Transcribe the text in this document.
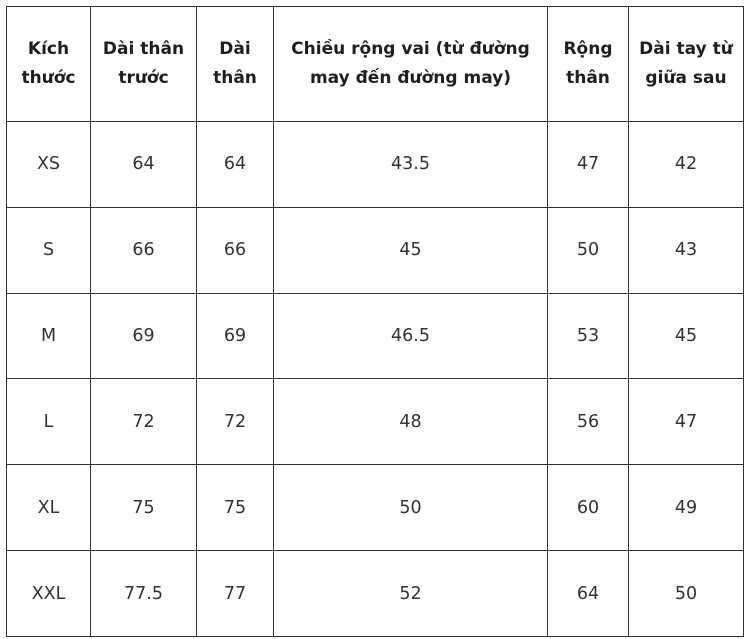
Kích thước	Dài thân trước	Dài thân	Chiều rộng vai (từ đường may đến đường may)	Rộng thân	Dài tay từ giữa sau
XS	64	64	43.5	47	42
S	66	66	45	50	43
M	69	69	46.5	53	45
L	72	72	48	56	47
XL	75	75	50	60	49
XXL	77.5	77	52	64	50
